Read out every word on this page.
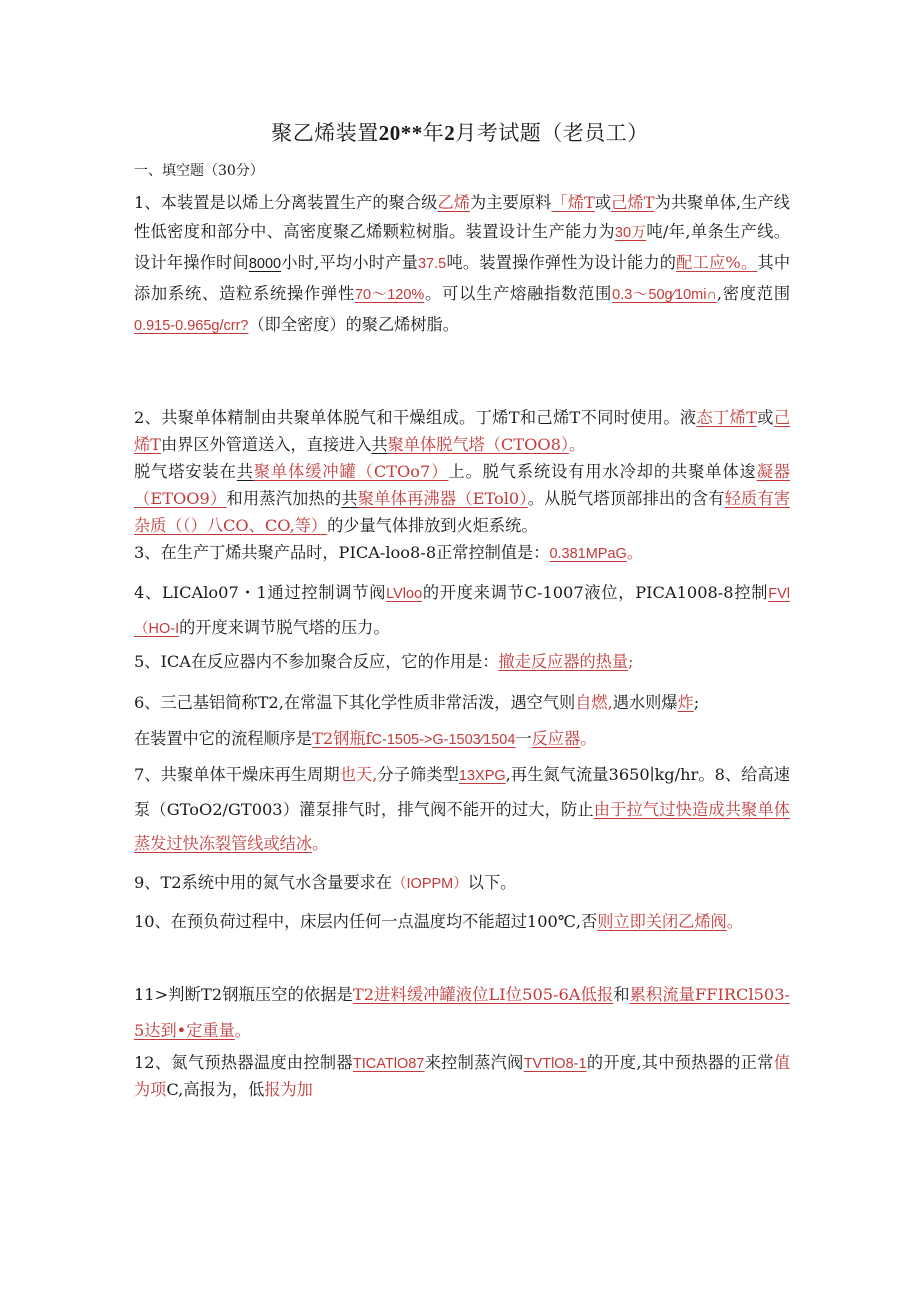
聚乙烯装置20**年2月考试题（老员工）
一、填空题（30分）
1、本装置是以烯上分离装置生产的聚合级乙烯为主要原料「烯T或己烯T为共聚单体,生产线性低密度和部分中、高密度聚乙烯颗粒树脂。装置设计生产能力为30万吨/年,单条生产线。设计年操作时间8000小时,平均小时产量37.5吨。装置操作弹性为设计能力的配工应%。其中添加系统、造粒系统操作弹性70～120%。可以生产熔融指数范围0.3～50g∕10mi∩,密度范围0.915-0.965g/crr?（即全密度）的聚乙烯树脂。
2、共聚单体精制由共聚单体脱气和干燥组成。丁烯T和己烯T不同时使用。液态丁烯T或己烯T由界区外管道送入，直接进入共聚单体脱气塔（CTOO8）。
脱气塔安装在共聚单体缓冲罐（CTOo7）上。脱气系统设有用水冷却的共聚单体逡凝器（ETOO9）和用蒸汽加热的共聚单体再沸器（ETol0）。从脱气塔顶部排出的含有轻质有害杂质（（）八CO、CO,等）的少量气体排放到火炬系统。
3、在生产丁烯共聚产品时，PICA-loo8-8正常控制值是：0.381MPaG。
4、LICAlo07・1通过控制调节阀LVloo的开度来调节C-1007液位，PICA1008-8控制FVl（HO-I的开度来调节脱气塔的压力。
5、ICA在反应器内不参加聚合反应，它的作用是：撤走反应器的热量;
6、三己基铝简称T2,在常温下其化学性质非常活泼，遇空气则自燃,遇水则爆炸;
在装置中它的流程顺序是T2钢瓶fC-1505->G-1503∕1504一反应器。
7、共聚单体干燥床再生周期也天,分子筛类型13XPG,再生氮气流量3650∣kg∕hr。8、给高速泵（GToO2/GT003）灌泵排气时，排气阀不能开的过大，防止由于拉气过快造成共聚单体蒸发过快冻裂管线或结冰。
9、T2系统中用的氮气水含量要求在（IOPPM）以下。
10、在预负荷过程中，床层内任何一点温度均不能超过100℃,否则立即关闭乙烯阀。
11>判断T2钢瓶压空的依据是T2进料缓冲罐液位LI位505-6A低报和累积流量FFIRCl503-5达到•定重量。
12、氮气预热器温度由控制器TICATlO87来控制蒸汽阀TVTlO8-1的开度,其中预热器的正常值为项C,高报为，低报为加
